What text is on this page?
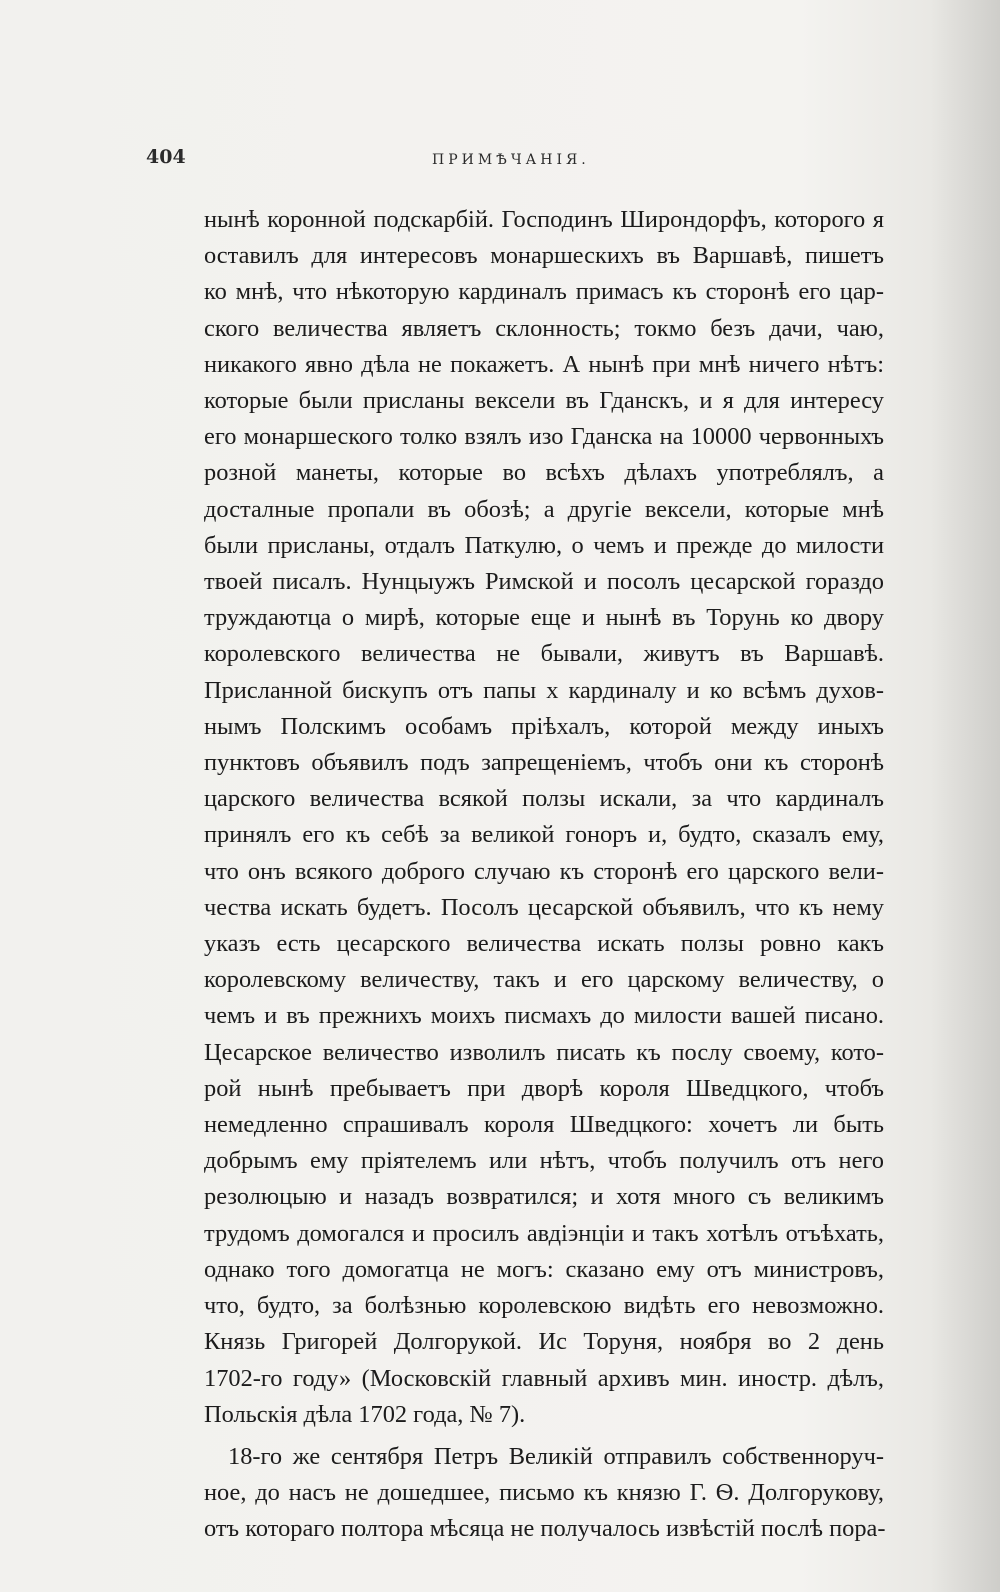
404	ПРИМѢЧАНІЯ.

нынѣ коронной подскарбій. Господинъ Широндорфъ, которого я
оставилъ для интересовъ монаршескихъ въ Варшавѣ, пишетъ
ко мнѣ, что нѣкоторую кардиналъ примасъ къ сторонѣ его цар-
ского величества являетъ склонность; токмо безъ дачи, чаю,
никакого явно дѣла не покажетъ. А нынѣ при мнѣ ничего нѣтъ:
которые были присланы вексели въ Гданскъ, и я для интересу
его монаршеского толко взялъ изо Гданска на 10000 червонныхъ
розной манеты, которые во всѣхъ дѣлахъ употреблялъ, а
досталные пропали въ обозѣ; а другіе вексели, которые мнѣ
были присланы, отдалъ Паткулю, о чемъ и прежде до милости
твоей писалъ. Нунцыужъ Римской и посолъ цесарской гораздо
труждаютца о мирѣ, которые еще и нынѣ въ Торунь ко двору
королевского величества не бывали, живутъ въ Варшавѣ.
Присланной бискупъ отъ папы х кардиналу и ко всѣмъ духов-
нымъ Полскимъ особамъ пріѣхалъ, которой между иныхъ
пунктовъ объявилъ подъ запрещеніемъ, чтобъ они къ сторонѣ
царского величества всякой ползы искали, за что кардиналъ
принялъ его къ себѣ за великой гоноръ и, будто, сказалъ ему,
что онъ всякого доброго случаю къ сторонѣ его царского вели-
чества искать будетъ. Посолъ цесарской объявилъ, что къ нему
указъ есть цесарского величества искать ползы ровно какъ
королевскому величеству, такъ и его царскому величеству, о
чемъ и въ прежнихъ моихъ писмахъ до милости вашей писано.
Цесарское величество изволилъ писать къ послу своему, кото-
рой нынѣ пребываетъ при дворѣ короля Шведцкого, чтобъ
немедленно спрашивалъ короля Шведцкого: хочетъ ли быть
добрымъ ему пріятелемъ или нѣтъ, чтобъ получилъ отъ него
резолюцыю и назадъ возвратился; и хотя много съ великимъ
трудомъ домогался и просилъ авдіэнціи и такъ хотѣлъ отъѣхать,
однако того домогатца не могъ: сказано ему отъ министровъ,
что, будто, за болѣзнью королевскою видѣть его невозможно.
Князь Григорей Долгорукой. Ис Торуня, ноября во 2 день
1702-го году» (Московскій главный архивъ мин. иностр. дѣлъ,
Польскія дѣла 1702 года, № 7).
18-го же сентября Петръ Великій отправилъ собственноруч-
ное, до насъ не дошедшее, письмо къ князю Г. Ѳ. Долгорукову,
отъ котораго полтора мѣсяца не получалось извѣстій послѣ пора-
